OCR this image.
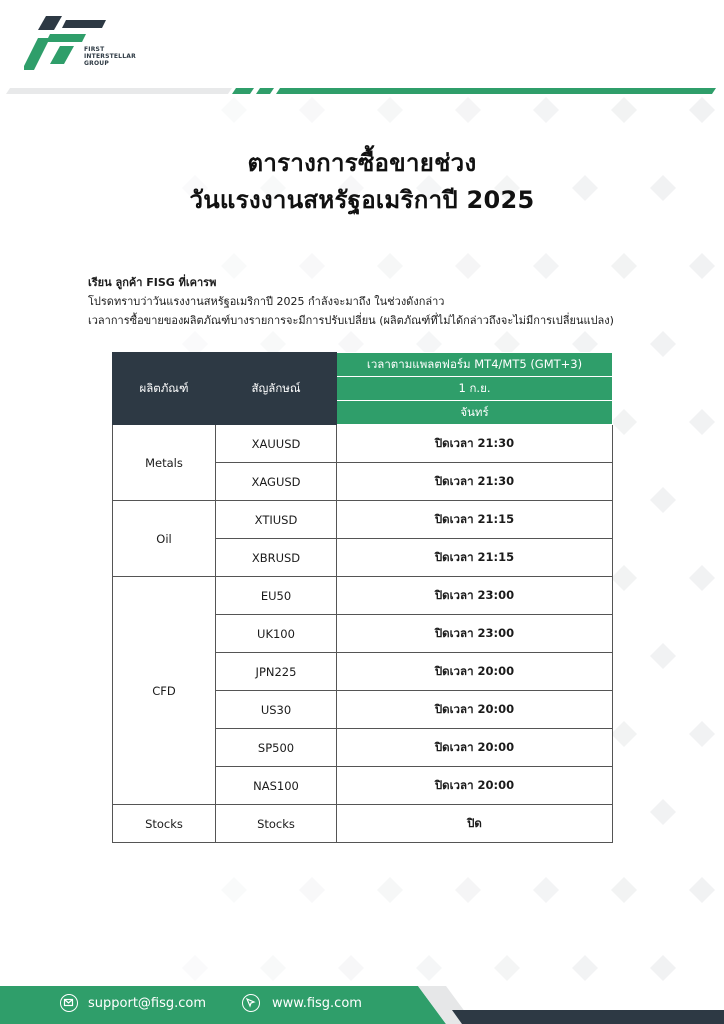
FIRST
INTERSTELLAR
GROUP
ตารางการซื้อขายช่วง
วันแรงงานสหรัฐอเมริกาปี 2025
เรียน ลูกค้า FISG ที่เคารพ
โปรดทราบว่าวันแรงงานสหรัฐอเมริกาปี 2025 กำลังจะมาถึง ในช่วงดังกล่าว
เวลาการซื้อขายของผลิตภัณฑ์บางรายการจะมีการปรับเปลี่ยน (ผลิตภัณฑ์ที่ไม่ได้กล่าวถึงจะไม่มีการเปลี่ยนแปลง)
ผลิตภัณฑ์	สัญลักษณ์	เวลาตามแพลตฟอร์ม MT4/MT5 (GMT+3)
		1 ก.ย.
		จันทร์
Metals	XAUUSD	ปิดเวลา 21:30
	XAGUSD	ปิดเวลา 21:30
Oil	XTIUSD	ปิดเวลา 21:15
	XBRUSD	ปิดเวลา 21:15
CFD	EU50	ปิดเวลา 23:00
	UK100	ปิดเวลา 23:00
	JPN225	ปิดเวลา 20:00
	US30	ปิดเวลา 20:00
	SP500	ปิดเวลา 20:00
	NAS100	ปิดเวลา 20:00
Stocks	Stocks	ปิด
support@fisg.com	www.fisg.com
